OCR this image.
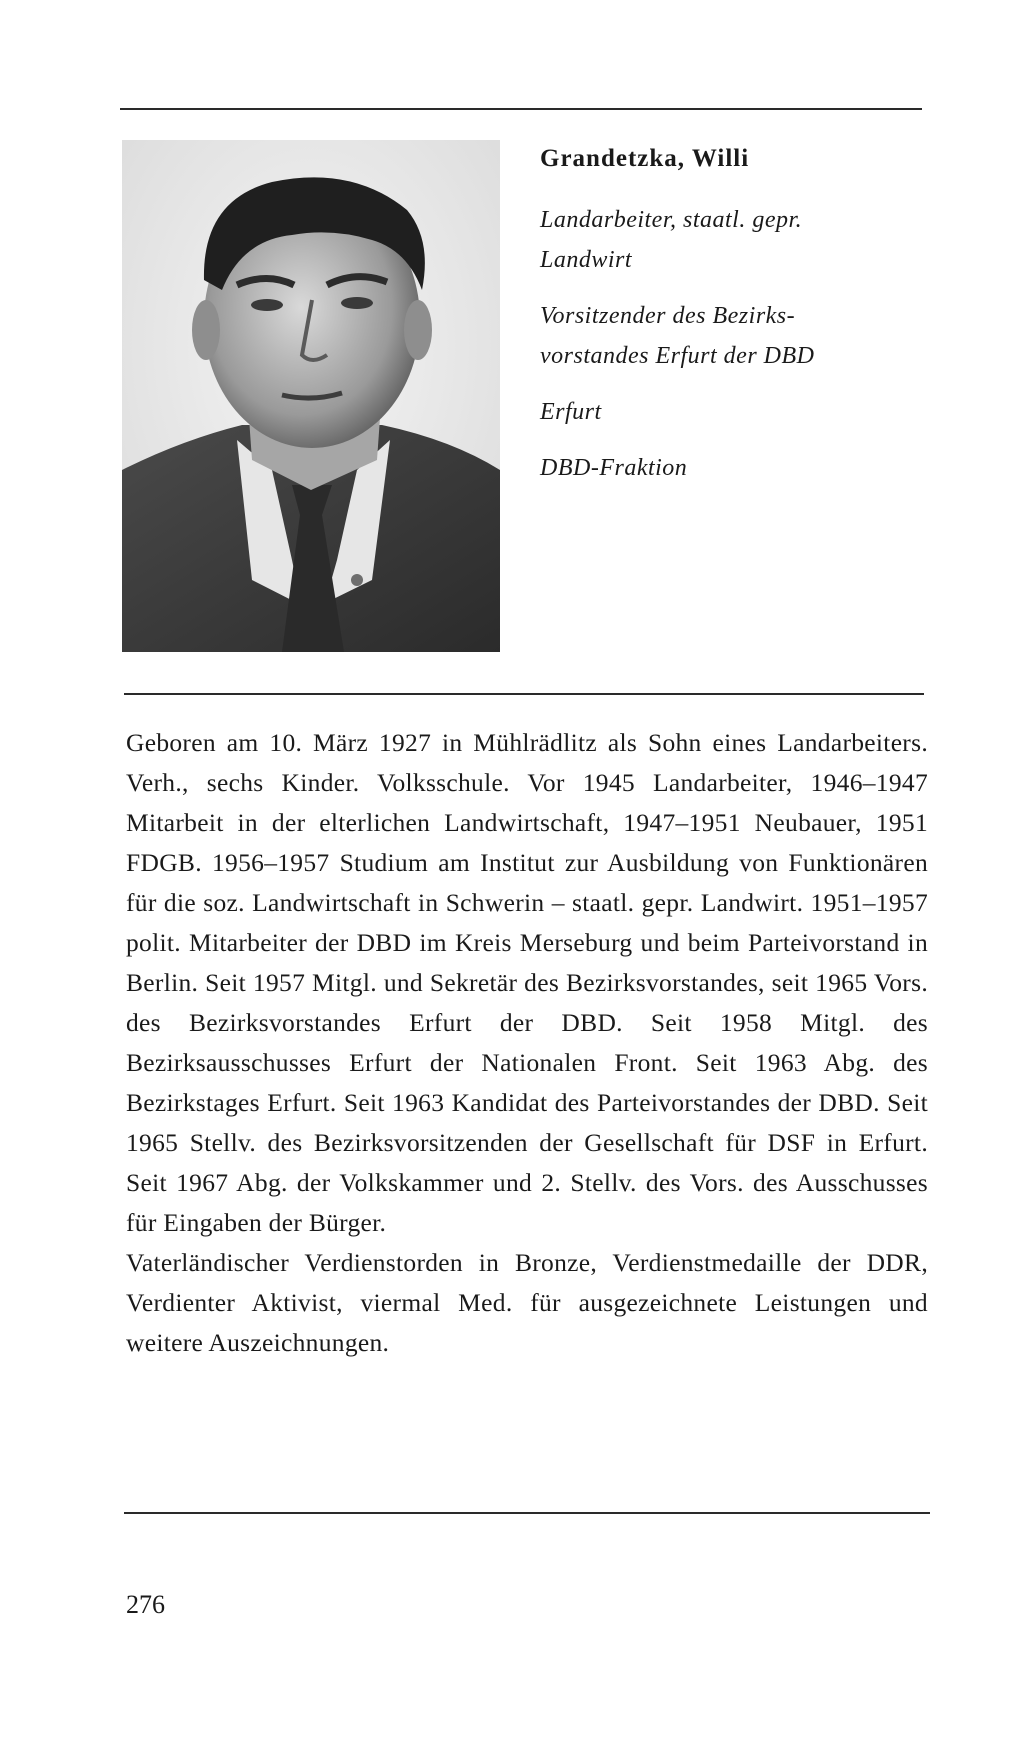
Grandetzka, Willi

Landarbeiter, staatl. gepr.

Landwirt

Vorsitzender des Bezirks-

vorstandes Erfurt der DBD

Erfurt

DBD-Fraktion

Geboren am 10. März 1927 in Mühlrädlitz als Sohn eines Landarbeiters. Verh., sechs Kinder. Volksschule. Vor 1945 Landarbeiter, 1946–1947 Mitarbeit in der elterlichen Landwirtschaft, 1947–1951 Neubauer, 1951 FDGB. 1956–1957 Studium am Institut zur Ausbildung von Funktionären für die soz. Landwirtschaft in Schwerin – staatl. gepr. Landwirt. 1951–1957 polit. Mitarbeiter der DBD im Kreis Merseburg und beim Parteivorstand in Berlin. Seit 1957 Mitgl. und Sekretär des Bezirksvorstandes, seit 1965 Vors. des Bezirksvorstandes Erfurt der DBD. Seit 1958 Mitgl. des Bezirksausschusses Erfurt der Nationalen Front. Seit 1963 Abg. des Bezirkstages Erfurt. Seit 1963 Kandidat des Parteivorstandes der DBD. Seit 1965 Stellv. des Bezirksvorsitzenden der Gesellschaft für DSF in Erfurt. Seit 1967 Abg. der Volkskammer und 2. Stellv. des Vors. des Ausschusses für Eingaben der Bürger.

Vaterländischer Verdienstorden in Bronze, Verdienstmedaille der DDR, Verdienter Aktivist, viermal Med. für ausgezeichnete Leistungen und weitere Auszeichnungen.

276
